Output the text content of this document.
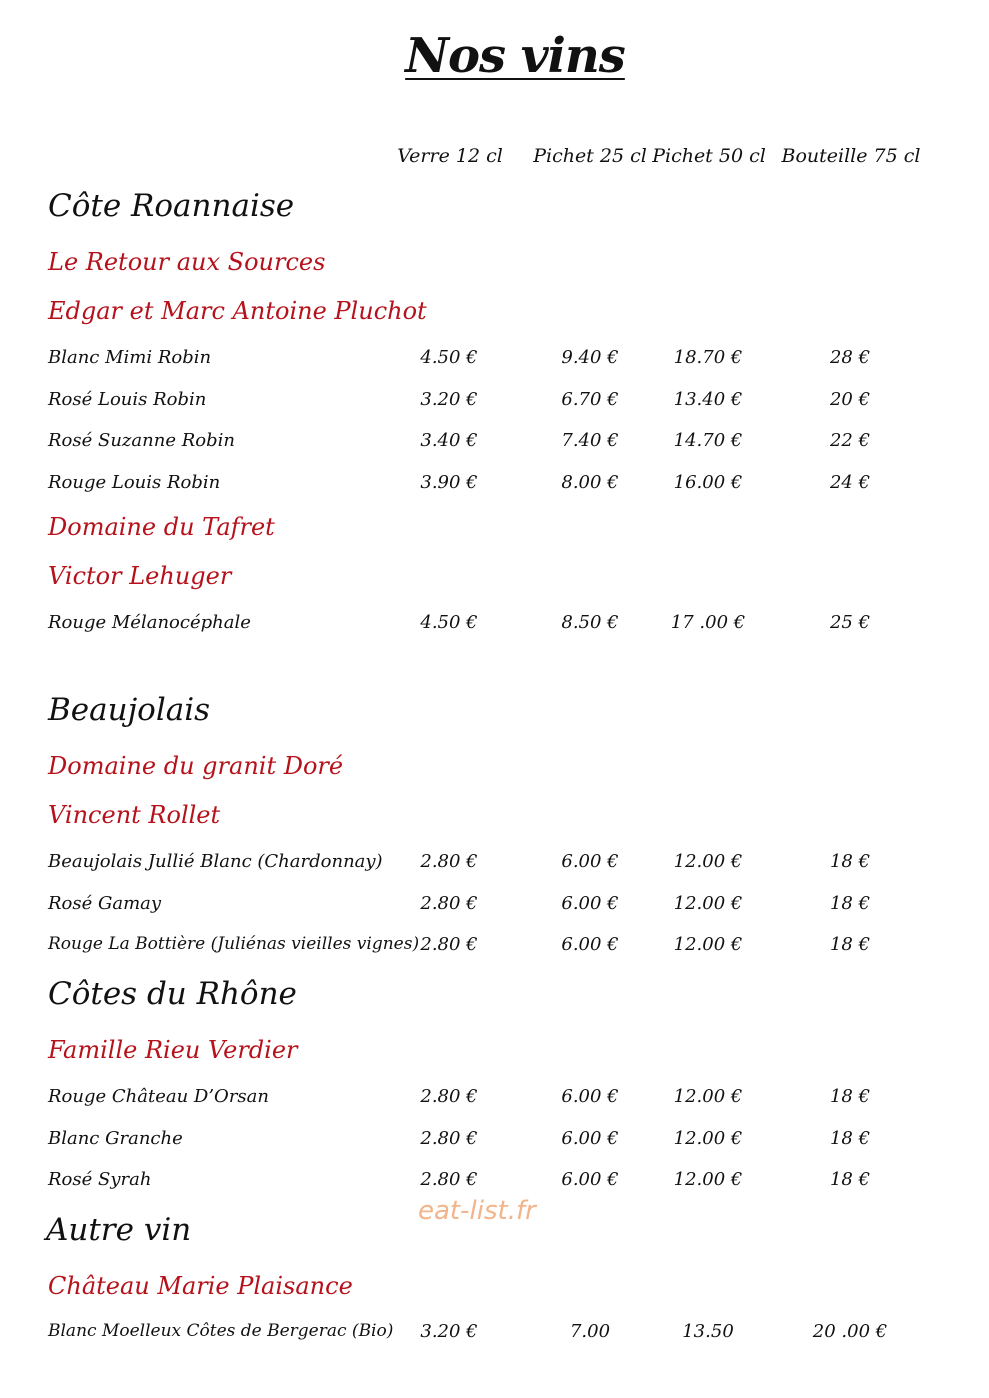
Nos vins
Verre 12 cl Pichet 25 cl Pichet 50 cl Bouteille 75 cl
Côte Roannaise
Le Retour aux Sources
Edgar et Marc Antoine Pluchot
Blanc Mimi Robin	4.50 €	9.40 €	18.70 €	28 €
Rosé Louis Robin	3.20 €	6.70 €	13.40 €	20 €
Rosé Suzanne Robin	3.40 €	7.40 €	14.70 €	22 €
Rouge Louis Robin	3.90 €	8.00 €	16.00 €	24 €
Domaine du Tafret
Victor Lehuger
Rouge Mélanocéphale	4.50 €	8.50 €	17 .00 €	25 €
Beaujolais
Domaine du granit Doré
Vincent Rollet
Beaujolais Jullié Blanc (Chardonnay) 2.80 €	6.00 €	12.00 €	18 €
Rosé Gamay	2.80 €	6.00 €	12.00 €	18 €
Rouge La Bottière (Juliénas vieilles vignes) 2.80 €	6.00 €	12.00 €	18 €
Côtes du Rhône
Famille Rieu Verdier
Rouge Château D’Orsan	2.80 €	6.00 €	12.00 €	18 €
Blanc Granche	2.80 €	6.00 €	12.00 €	18 €
Rosé Syrah	2.80 €	6.00 €	12.00 €	18 €
eat-list.fr
Autre vin
Château Marie Plaisance
Blanc Moelleux Côtes de Bergerac (Bio) 3.20 €	7.00	13.50	20 .00 €
